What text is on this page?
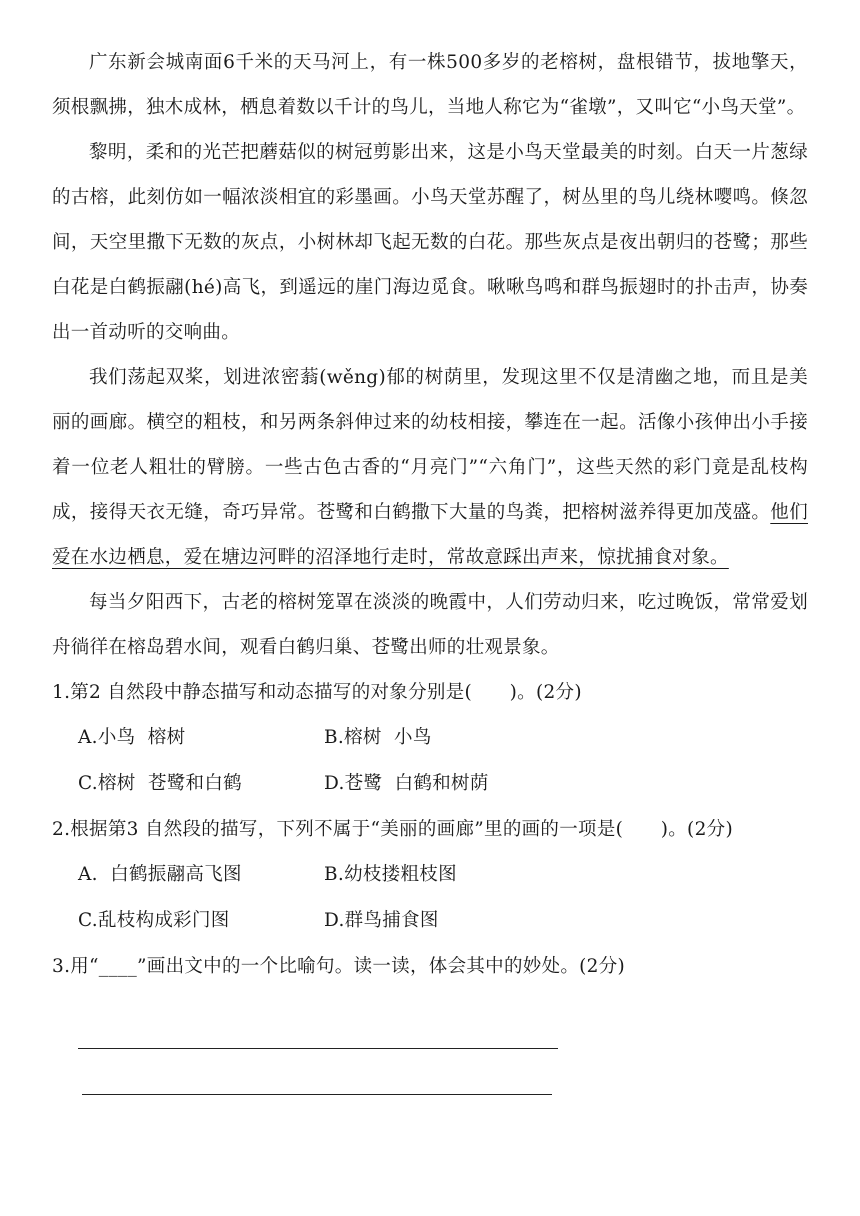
广东新会城南面6千米的天马河上，有一株500多岁的老榕树，盘根错节，拔地擎天，须根飘拂，独木成林，栖息着数以千计的鸟儿，当地人称它为“雀墩”，又叫它“小鸟天堂”。

黎明，柔和的光芒把蘑菇似的树冠剪影出来，这是小鸟天堂最美的时刻。白天一片葱绿的古榕，此刻仿如一幅浓淡相宜的彩墨画。小鸟天堂苏醒了，树丛里的鸟儿绕林嘤鸣。倏忽间，天空里撒下无数的灰点，小树林却飞起无数的白花。那些灰点是夜出朝归的苍鹭；那些白花是白鹤振翮(hé)高飞，到遥远的崖门海边觅食。啾啾鸟鸣和群鸟振翅时的扑击声，协奏出一首动听的交响曲。

我们荡起双桨，划进浓密蓊(wěng)郁的树荫里，发现这里不仅是清幽之地，而且是美丽的画廊。横空的粗枝，和另两条斜伸过来的幼枝相接，攀连在一起。活像小孩伸出小手接着一位老人粗壮的臂膀。一些古色古香的“月亮门”“六角门”，这些天然的彩门竟是乱枝构成，接得天衣无缝，奇巧异常。苍鹭和白鹤撒下大量的鸟粪，把榕树滋养得更加茂盛。他们爱在水边栖息，爱在塘边河畔的沼泽地行走时，常故意踩出声来，惊扰捕食对象。

每当夕阳西下，古老的榕树笼罩在淡淡的晚霞中，人们劳动归来，吃过晚饭，常常爱划舟徜徉在榕岛碧水间，观看白鹤归巢、苍鹭出师的壮观景象。

1.第2 自然段中静态描写和动态描写的对象分别是(　　)。(2分)

A.小鸟  榕树	B.榕树  小鸟
C.榕树  苍鹭和白鹤	D.苍鹭  白鹤和树荫

2.根据第3 自然段的描写，下列不属于“美丽的画廊”里的画的一项是(　　)。(2分)

A.  白鹤振翮高飞图	B.幼枝搂粗枝图
C.乱枝构成彩门图	D.群鸟捕食图

3.用“____”画出文中的一个比喻句。读一读，体会其中的妙处。(2分)
